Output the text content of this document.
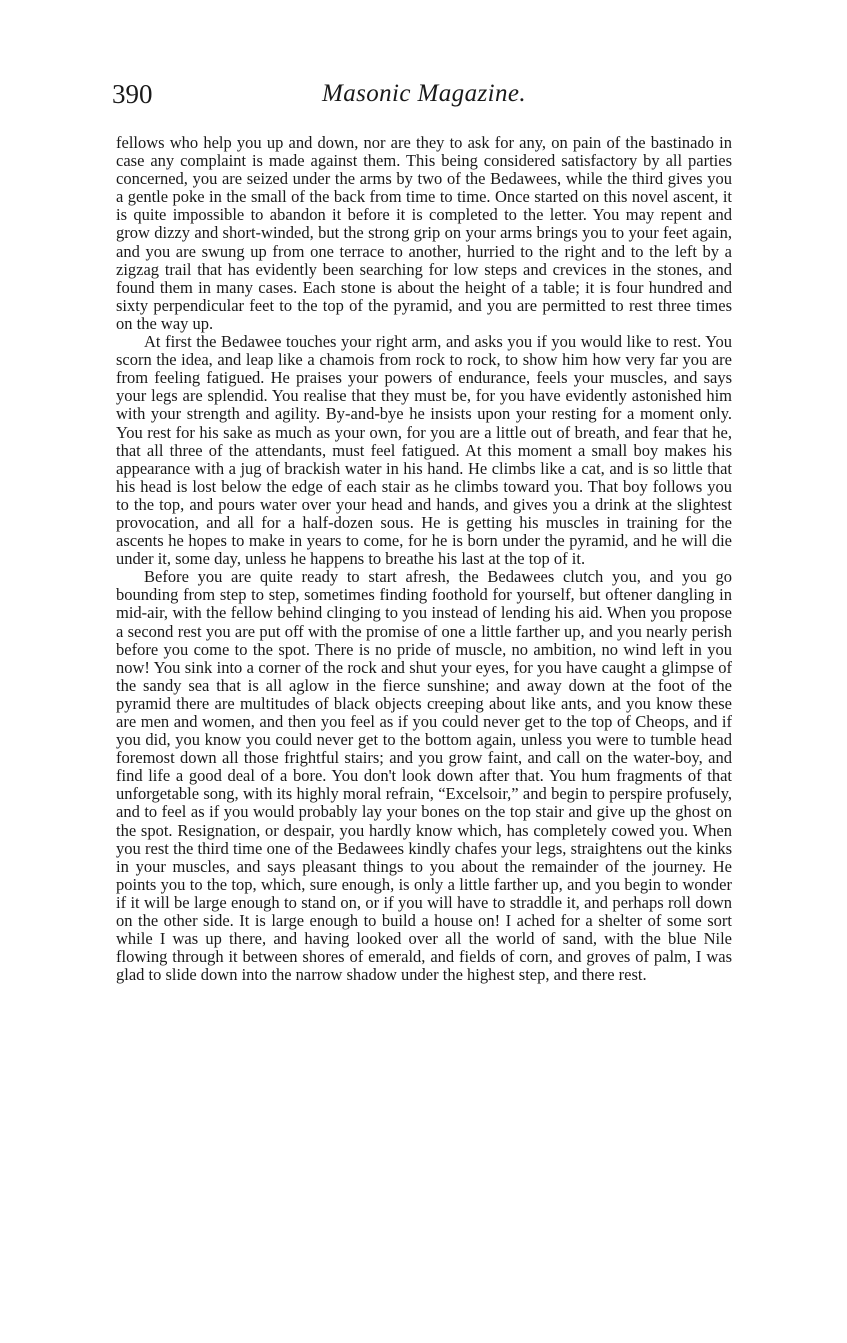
390	Masonic Magazine.

fellows who help you up and down, nor are they to ask for any, on pain of the bastinado in case any complaint is made against them. This being considered satisfactory by all parties concerned, you are seized under the arms by two of the Bedawees, while the third gives you a gentle poke in the small of the back from time to time. Once started on this novel ascent, it is quite impossible to abandon it before it is completed to the letter. You may repent and grow dizzy and short-winded, but the strong grip on your arms brings you to your feet again, and you are swung up from one terrace to another, hurried to the right and to the left by a zigzag trail that has evidently been searching for low steps and crevices in the stones, and found them in many cases. Each stone is about the height of a table; it is four hundred and sixty perpendicular feet to the top of the pyramid, and you are permitted to rest three times on the way up.

At first the Bedawee touches your right arm, and asks you if you would like to rest. You scorn the idea, and leap like a chamois from rock to rock, to show him how very far you are from feeling fatigued. He praises your powers of endurance, feels your muscles, and says your legs are splendid. You realise that they must be, for you have evidently astonished him with your strength and agility. By-and-bye he insists upon your resting for a moment only. You rest for his sake as much as your own, for you are a little out of breath, and fear that he, that all three of the attendants, must feel fatigued. At this moment a small boy makes his appearance with a jug of brackish water in his hand. He climbs like a cat, and is so little that his head is lost below the edge of each stair as he climbs toward you. That boy follows you to the top, and pours water over your head and hands, and gives you a drink at the slightest provocation, and all for a half-dozen sous. He is getting his muscles in training for the ascents he hopes to make in years to come, for he is born under the pyramid, and he will die under it, some day, unless he happens to breathe his last at the top of it.

Before you are quite ready to start afresh, the Bedawees clutch you, and you go bounding from step to step, sometimes finding foothold for yourself, but oftener dangling in mid-air, with the fellow behind clinging to you instead of lending his aid. When you propose a second rest you are put off with the promise of one a little farther up, and you nearly perish before you come to the spot. There is no pride of muscle, no ambition, no wind left in you now! You sink into a corner of the rock and shut your eyes, for you have caught a glimpse of the sandy sea that is all aglow in the fierce sunshine; and away down at the foot of the pyramid there are multitudes of black objects creeping about like ants, and you know these are men and women, and then you feel as if you could never get to the top of Cheops, and if you did, you know you could never get to the bottom again, unless you were to tumble head foremost down all those frightful stairs; and you grow faint, and call on the water-boy, and find life a good deal of a bore. You don't look down after that. You hum fragments of that unforgetable song, with its highly moral refrain, “Excelsoir,” and begin to perspire profusely, and to feel as if you would probably lay your bones on the top stair and give up the ghost on the spot. Resignation, or despair, you hardly know which, has completely cowed you. When you rest the third time one of the Bedawees kindly chafes your legs, straightens out the kinks in your muscles, and says pleasant things to you about the remainder of the journey. He points you to the top, which, sure enough, is only a little farther up, and you begin to wonder if it will be large enough to stand on, or if you will have to straddle it, and perhaps roll down on the other side. It is large enough to build a house on! I ached for a shelter of some sort while I was up there, and having looked over all the world of sand, with the blue Nile flowing through it between shores of emerald, and fields of corn, and groves of palm, I was glad to slide down into the narrow shadow under the highest step, and there rest.
